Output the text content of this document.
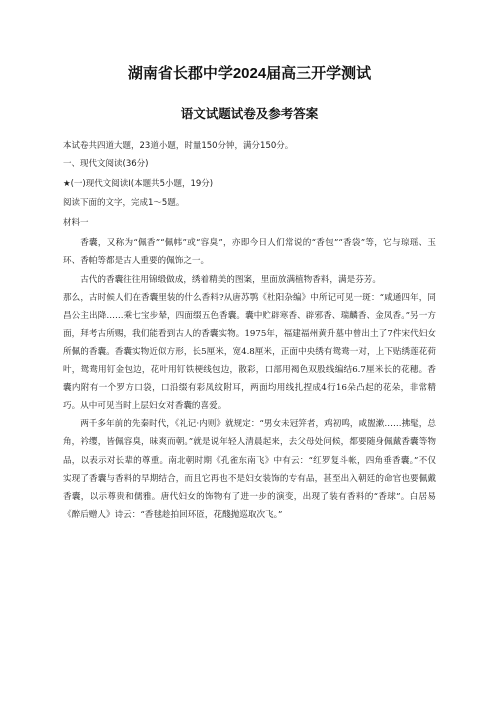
湖南省长郡中学2024届高三开学测试
语文试题试卷及参考答案
本试卷共四道大题，23道小题，时量150分钟，满分150分。
一、现代文阅读(36分)
★(一)现代文阅读I(本题共5小题，19分)
阅读下面的文字，完成1～5题。
材料一

香囊，又称为“佩香”“佩帏”或“容臭”，亦即今日人们常说的“香包”“香袋”等，它与琼瑶、玉环、香帕等都是古人重要的佩饰之一。

古代的香囊往往用锦缎做成，绣着精美的图案，里面放满植物香料，满是芬芳。

那么，古时候人们在香囊里装的什么香料?从唐苏鹗《杜阳杂编》中所记可见一斑：“咸通四年，同昌公主出降……乘七宝步辇，四面缀五色香囊。囊中贮辟寒香、辟邪香、瑞麟香、金凤香。”另一方面，拜考古所赐，我们能看到古人的香囊实物。1975年，福建福州黄升墓中曾出土了7件宋代妇女所佩的香囊。香囊实物近似方形，长5厘米，宽4.8厘米，正面中央绣有鸳鸯一对，上下贴绣莲花荷叶，鸳鸯用钉金包边，花叶用钉铁梗线包边，散彩，口部用褐色双股线编结6.7厘米长的花穗。香囊内附有一个罗方口袋，口沿缀有彩凤纹附耳，两面均用线扎捏成4行16朵凸起的花朵，非常精巧。从中可见当时上层妇女对香囊的喜爱。

两千多年前的先秦时代，《礼记·内则》就规定：“男女未冠笄者，鸡初鸣，咸盥漱……拂髦，总角，衿缨，皆佩容臭，昧爽而朝。”就是说年轻人清晨起来，去父母处问候，都要随身佩戴香囊等物品，以表示对长辈的尊重。南北朝时期《孔雀东南飞》中有云：“红罗复斗帐，四角垂香囊。”不仅实现了香囊与香料的早期结合，而且它再也不是妇女装饰的专有品，甚至出入朝廷的命官也要佩戴香囊，以示尊贵和儒雅。唐代妇女的饰物有了进一步的演变，出现了装有香料的“香球”。白居易《醉后赠人》诗云：“香毬趁拍回环匼，花醆抛巡取次飞。”
